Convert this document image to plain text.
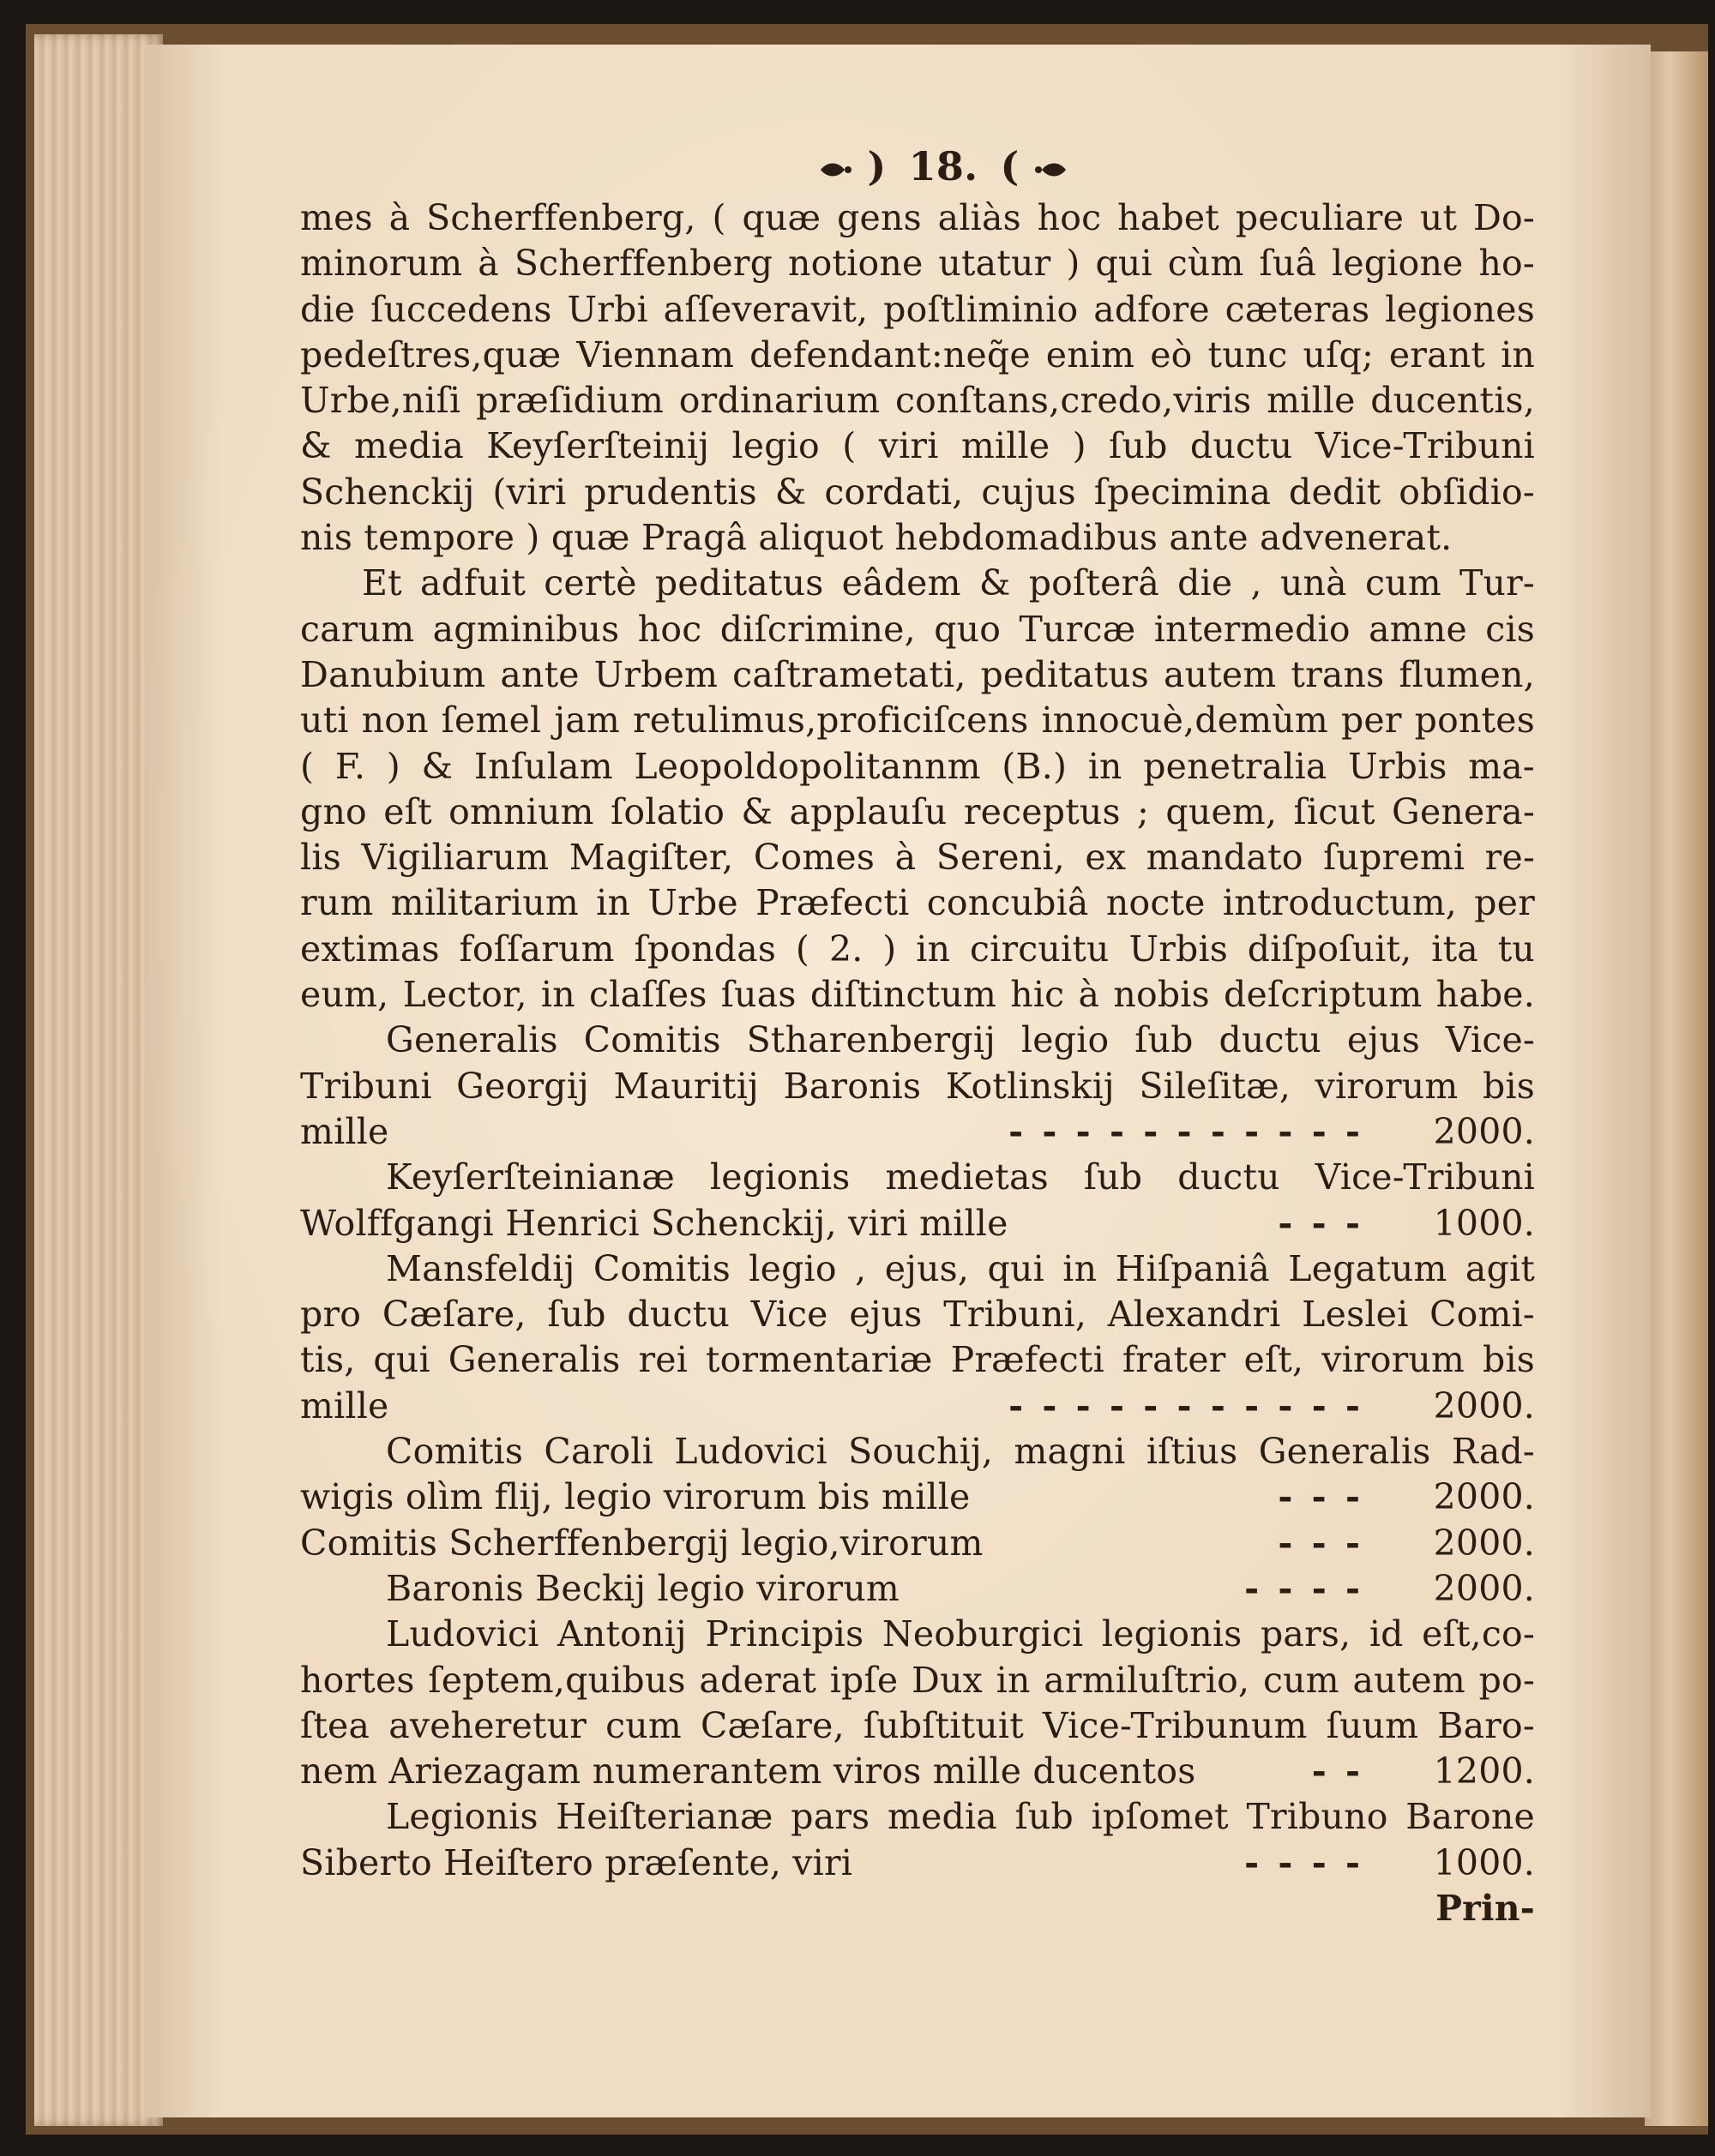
) 18. (
mes à Scherffenberg, ( quæ gens aliàs hoc habet peculiare ut Do-
minorum à Scherffenberg notione utatur ) qui cùm ſuâ legione ho-
die ſuccedens Urbi aſſeveravit, poſtliminio adfore cæteras legiones
pedeſtres,quæ Viennam defendant:neq̃e enim eò tunc uſq; erant in
Urbe,niſi præſidium ordinarium conſtans,credo,viris mille ducentis,
& media Keyſerſteinij legio ( viri mille ) ſub ductu Vice-Tribuni
Schenckij (viri prudentis & cordati, cujus ſpecimina dedit obſidio-
nis tempore ) quæ Pragâ aliquot hebdomadibus ante advenerat.
Et adfuit certè peditatus eâdem & poſterâ die , unà cum Tur-
carum agminibus hoc diſcrimine, quo Turcæ intermedio amne cis
Danubium ante Urbem caſtrametati, peditatus autem trans flumen,
uti non ſemel jam retulimus,proficiſcens innocuè,demùm per pontes
( F. ) & Inſulam Leopoldopolitannm (B.) in penetralia Urbis ma-
gno eſt omnium ſolatio & applauſu receptus ; quem, ſicut Genera-
lis Vigiliarum Magiſter, Comes à Sereni, ex mandato ſupremi re-
rum militarium in Urbe Præfecti concubiâ nocte introductum, per
extimas foſſarum ſpondas ( 2. ) in circuitu Urbis diſpoſuit, ita tu
eum, Lector, in claſſes ſuas diſtinctum hic à nobis deſcriptum habe.
Generalis Comitis Stharenbergij legio ſub ductu ejus Vice-
Tribuni Georgij Mauritij Baronis Kotlinskij Sileſitæ, virorum bis
mille	- - - - - - - - - - -	2000.
Keyſerſteinianæ legionis medietas ſub ductu Vice-Tribuni
Wolffgangi Henrici Schenckij, viri mille	- - -	1000.
Mansfeldij Comitis legio , ejus, qui in Hiſpaniâ Legatum agit
pro Cæſare, ſub ductu Vice ejus Tribuni, Alexandri Leslei Comi-
tis, qui Generalis rei tormentariæ Præfecti frater eſt, virorum bis
mille	- - - - - - - - - - -	2000.
Comitis Caroli Ludovici Souchij, magni iſtius Generalis Rad-
wigis olìm flij, legio virorum bis mille	- - -	2000.
Comitis Scherffenbergij legio,virorum	- - -	2000.
Baronis Beckij legio virorum	- - - -	2000.
Ludovici Antonij Principis Neoburgici legionis pars, id eſt,co-
hortes ſeptem,quibus aderat ipſe Dux in armiluſtrio, cum autem po-
ſtea aveheretur cum Cæſare, ſubſtituit Vice-Tribunum ſuum Baro-
nem Ariezagam numerantem viros mille ducentos	- -	1200.
Legionis Heiſterianæ pars media ſub ipſomet Tribuno Barone
Siberto Heiſtero præſente, viri	- - - -	1000.
Prin-
